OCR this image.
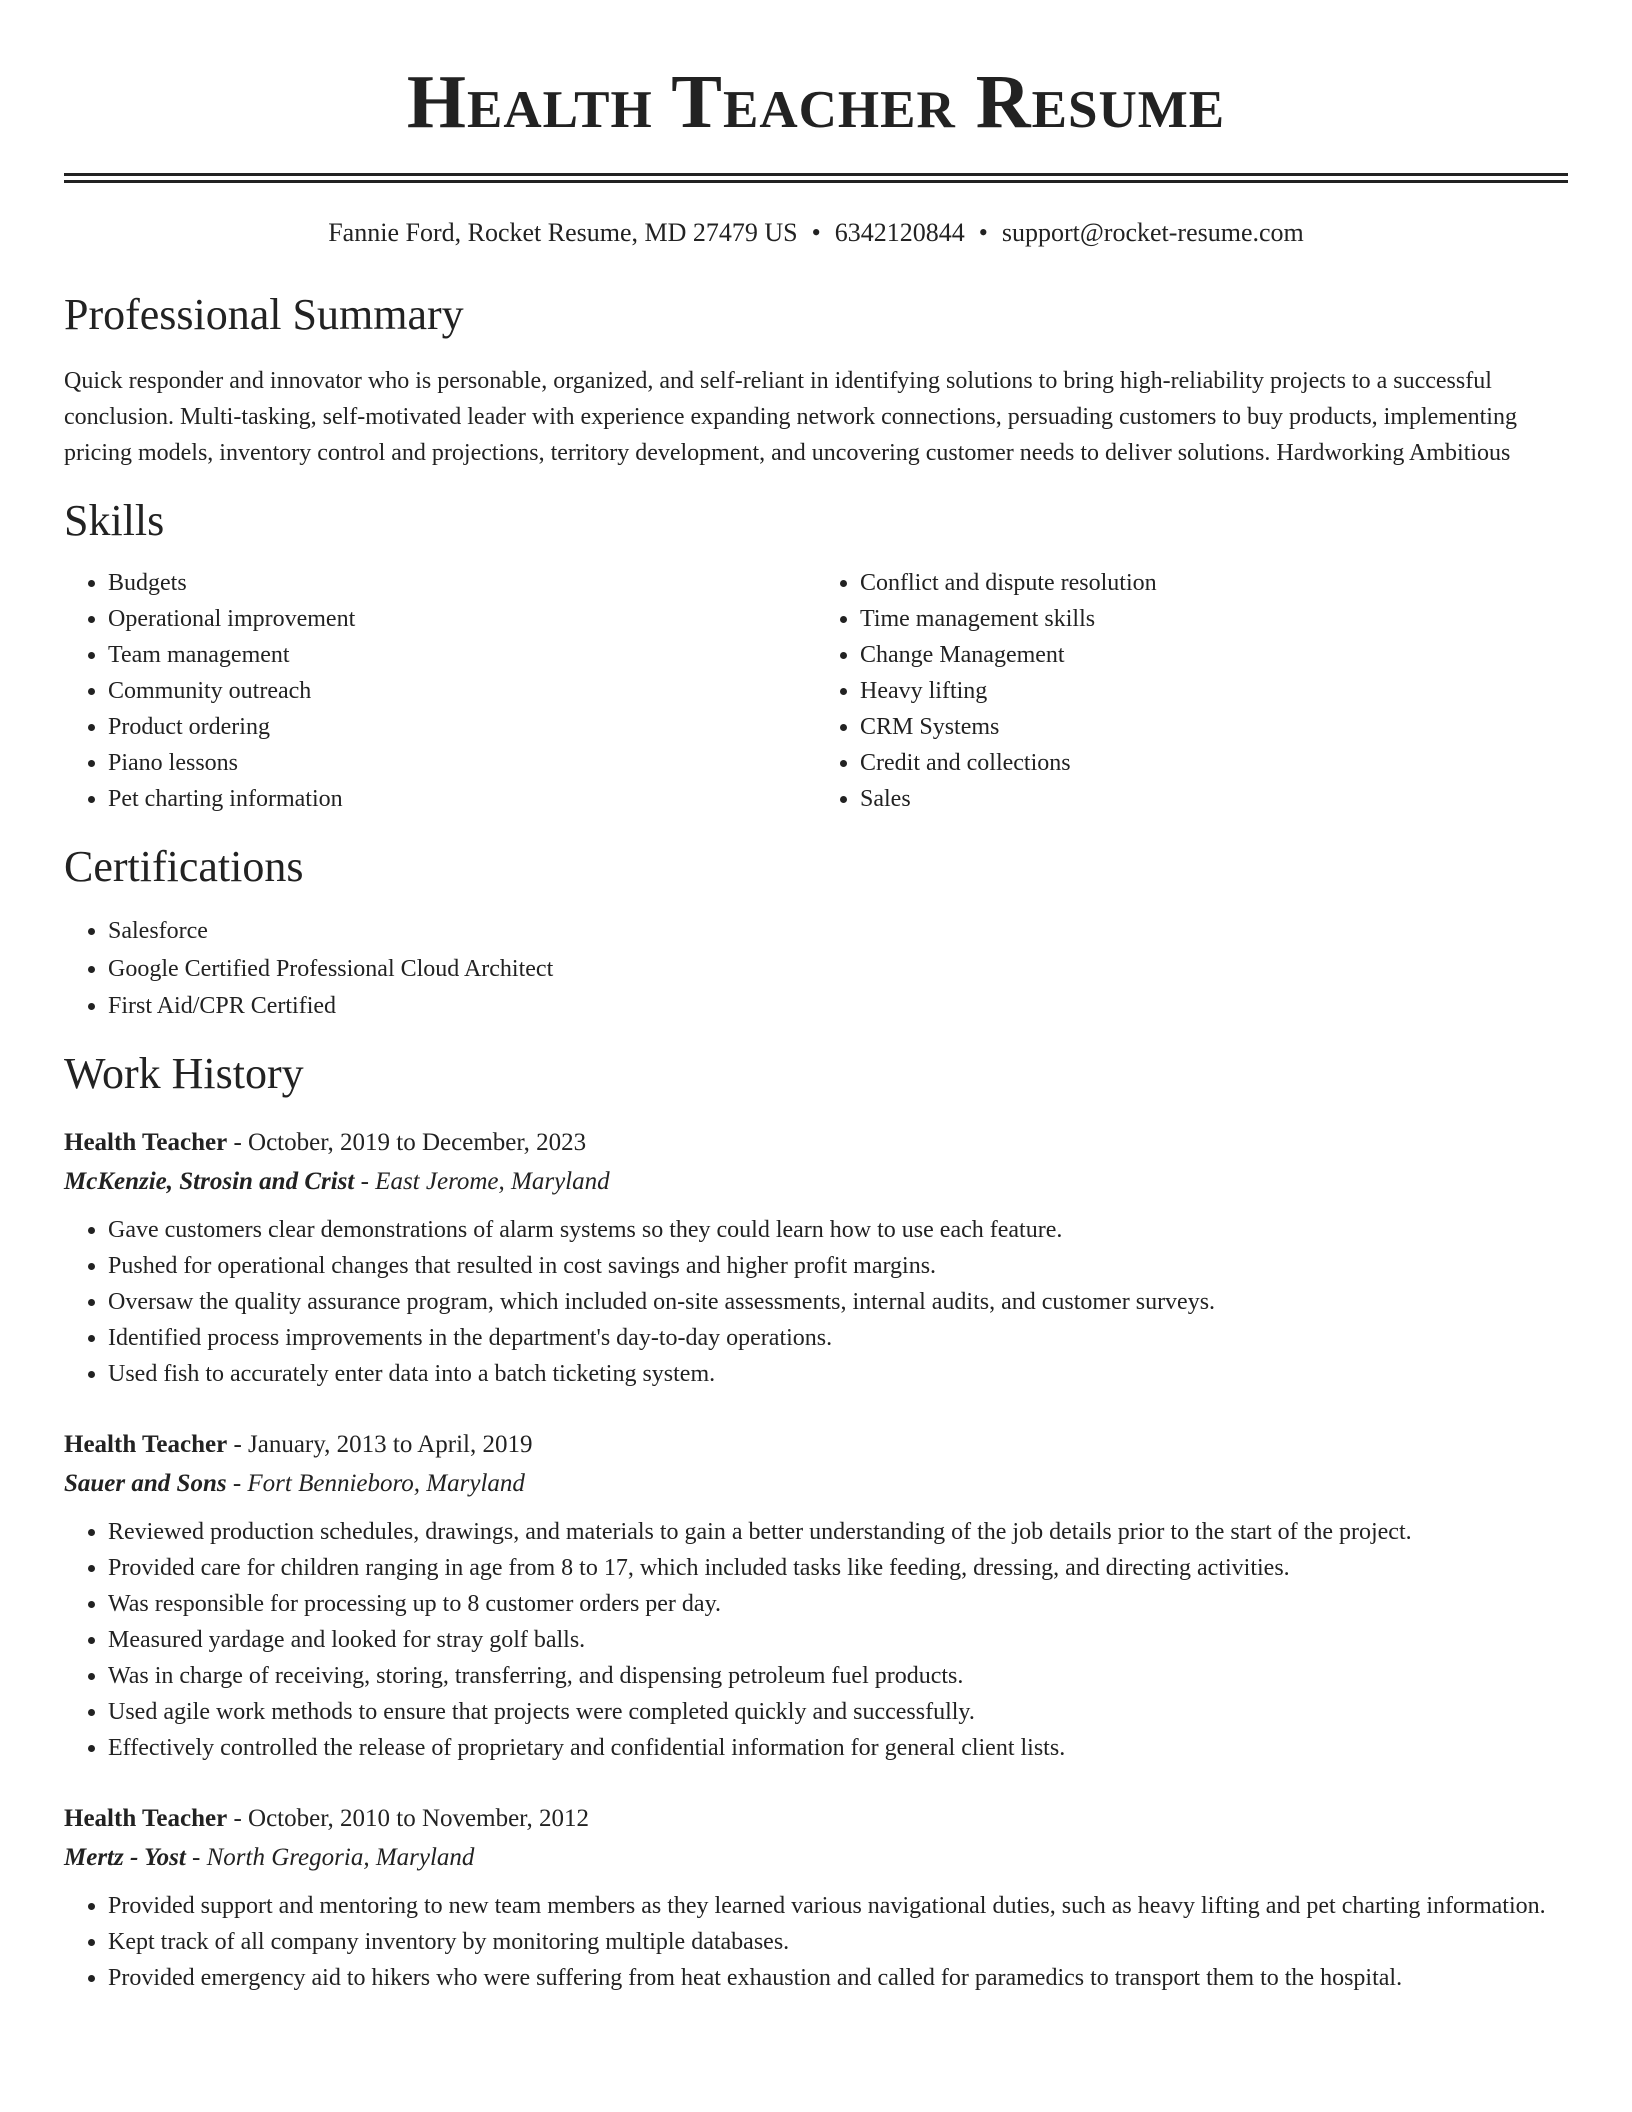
Health Teacher Resume
Fannie Ford, Rocket Resume, MD 27479 US • 6342120844 • support@rocket-resume.com
Professional Summary

Quick responder and innovator who is personable, organized, and self-reliant in identifying solutions to bring high-reliability projects to a successful conclusion. Multi-tasking, self-motivated leader with experience expanding network connections, persuading customers to buy products, implementing pricing models, inventory control and projections, territory development, and uncovering customer needs to deliver solutions. Hardworking Ambitious

Skills
• Budgets
• Operational improvement
• Team management
• Community outreach
• Product ordering
• Piano lessons
• Pet charting information
• Conflict and dispute resolution
• Time management skills
• Change Management
• Heavy lifting
• CRM Systems
• Credit and collections
• Sales
Certifications
• Salesforce
• Google Certified Professional Cloud Architect
• First Aid/CPR Certified
Work History
Health Teacher - October, 2019 to December, 2023
McKenzie, Strosin and Crist - East Jerome, Maryland
• Gave customers clear demonstrations of alarm systems so they could learn how to use each feature.
• Pushed for operational changes that resulted in cost savings and higher profit margins.
• Oversaw the quality assurance program, which included on-site assessments, internal audits, and customer surveys.
• Identified process improvements in the department's day-to-day operations.
• Used fish to accurately enter data into a batch ticketing system.
Health Teacher - January, 2013 to April, 2019
Sauer and Sons - Fort Bennieboro, Maryland
• Reviewed production schedules, drawings, and materials to gain a better understanding of the job details prior to the start of the project.
• Provided care for children ranging in age from 8 to 17, which included tasks like feeding, dressing, and directing activities.
• Was responsible for processing up to 8 customer orders per day.
• Measured yardage and looked for stray golf balls.
• Was in charge of receiving, storing, transferring, and dispensing petroleum fuel products.
• Used agile work methods to ensure that projects were completed quickly and successfully.
• Effectively controlled the release of proprietary and confidential information for general client lists.
Health Teacher - October, 2010 to November, 2012
Mertz - Yost - North Gregoria, Maryland
• Provided support and mentoring to new team members as they learned various navigational duties, such as heavy lifting and pet charting information.
• Kept track of all company inventory by monitoring multiple databases.
• Provided emergency aid to hikers who were suffering from heat exhaustion and called for paramedics to transport them to the hospital.
